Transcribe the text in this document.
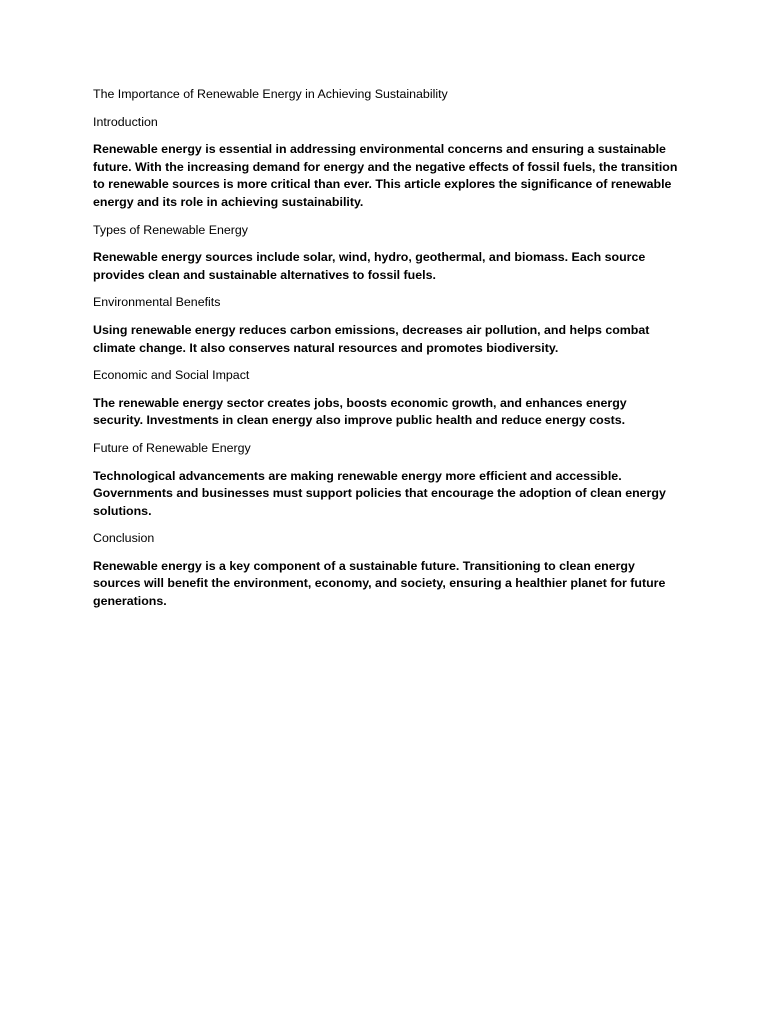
The Importance of Renewable Energy in Achieving Sustainability

Introduction

Renewable energy is essential in addressing environmental concerns and ensuring a sustainable future. With the increasing demand for energy and the negative effects of fossil fuels, the transition to renewable sources is more critical than ever. This article explores the significance of renewable energy and its role in achieving sustainability.

Types of Renewable Energy

Renewable energy sources include solar, wind, hydro, geothermal, and biomass. Each source provides clean and sustainable alternatives to fossil fuels.

Environmental Benefits

Using renewable energy reduces carbon emissions, decreases air pollution, and helps combat climate change. It also conserves natural resources and promotes biodiversity.

Economic and Social Impact

The renewable energy sector creates jobs, boosts economic growth, and enhances energy security. Investments in clean energy also improve public health and reduce energy costs.

Future of Renewable Energy

Technological advancements are making renewable energy more efficient and accessible. Governments and businesses must support policies that encourage the adoption of clean energy solutions.

Conclusion

Renewable energy is a key component of a sustainable future. Transitioning to clean energy sources will benefit the environment, economy, and society, ensuring a healthier planet for future generations.
